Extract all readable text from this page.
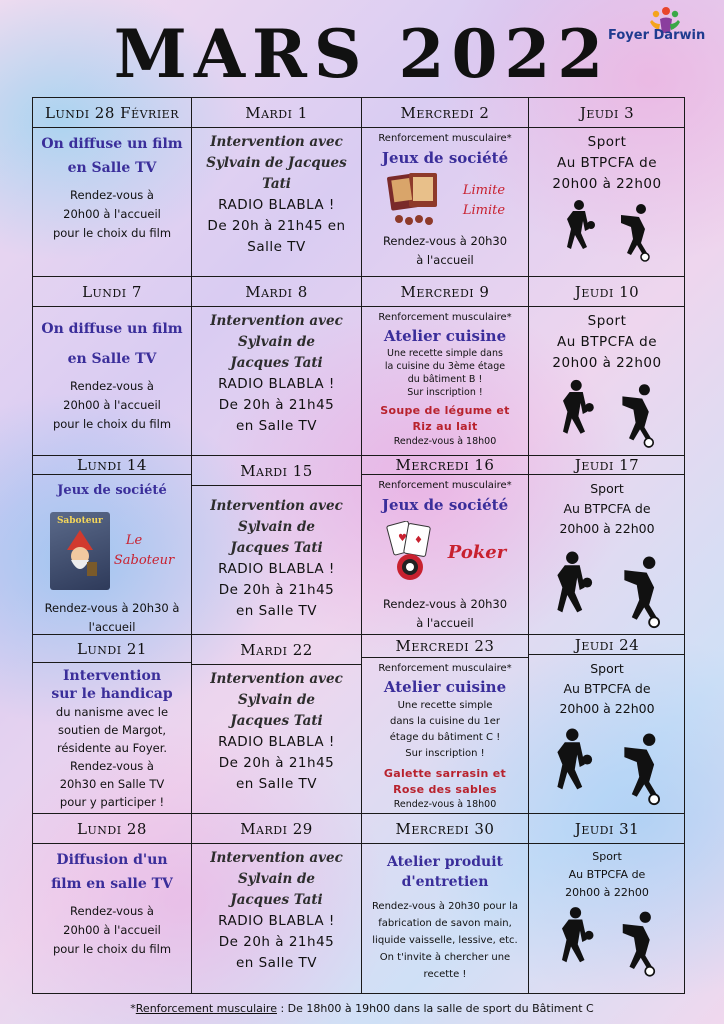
MARS 2022
Foyer Darwin
Lundi 28 Février
On diffuse un film
en Salle TV
Rendez-vous à
20h00 à l'accueil
pour le choix du film
Mardi 1
Intervention avec
Sylvain de Jacques
Tati
RADIO BLABLA !
De 20h à 21h45 en
Salle TV
Mercredi 2
Renforcement musculaire*
Jeux de société
Limite
Limite
Rendez-vous à 20h30
à l'accueil
Jeudi 3
Sport
Au BTPCFA de
20h00 à 22h00
Lundi 7
On diffuse un film
en Salle TV
Rendez-vous à
20h00 à l'accueil
pour le choix du film
Mardi 8
Intervention avec
Sylvain de
Jacques Tati
RADIO BLABLA !
De 20h à 21h45
en Salle TV
Mercredi 9
Renforcement musculaire*
Atelier cuisine
Une recette simple dans
la cuisine du 3ème étage
du bâtiment B !
Sur inscription !
Soupe de légume et
Riz au lait
Rendez-vous à 18h00
Jeudi 10
Sport
Au BTPCFA de
20h00 à 22h00
Lundi 14
Jeux de société
Saboteur
Le
Saboteur
Rendez-vous à 20h30 à
l'accueil
Mardi 15
Intervention avec
Sylvain de
Jacques Tati
RADIO BLABLA !
De 20h à 21h45
en Salle TV
Mercredi 16
Renforcement musculaire*
Jeux de société
♥ ♦
Poker
Rendez-vous à 20h30
à l'accueil
Jeudi 17
Sport
Au BTPCFA de
20h00 à 22h00
Lundi 21
Intervention
sur le handicap
du nanisme avec le
soutien de Margot,
résidente au Foyer.
Rendez-vous à
20h30 en Salle TV
pour y participer !
Mardi 22
Intervention avec
Sylvain de
Jacques Tati
RADIO BLABLA !
De 20h à 21h45
en Salle TV
Mercredi 23
Renforcement musculaire*
Atelier cuisine
Une recette simple
dans la cuisine du 1er
étage du bâtiment C !
Sur inscription !
Galette sarrasin et
Rose des sables
Rendez-vous à 18h00
Jeudi 24
Sport
Au BTPCFA de
20h00 à 22h00
Lundi 28
Diffusion d'un
film en salle TV
Rendez-vous à
20h00 à l'accueil
pour le choix du film
Mardi 29
Intervention avec
Sylvain de
Jacques Tati
RADIO BLABLA !
De 20h à 21h45
en Salle TV
Mercredi 30
Atelier produit
d'entretien
Rendez-vous à 20h30 pour la
fabrication de savon main,
liquide vaisselle, lessive, etc.
On t'invite à chercher une
recette !
Jeudi 31
Sport
Au BTPCFA de
20h00 à 22h00
*Renforcement musculaire : De 18h00 à 19h00 dans la salle de sport du Bâtiment C
